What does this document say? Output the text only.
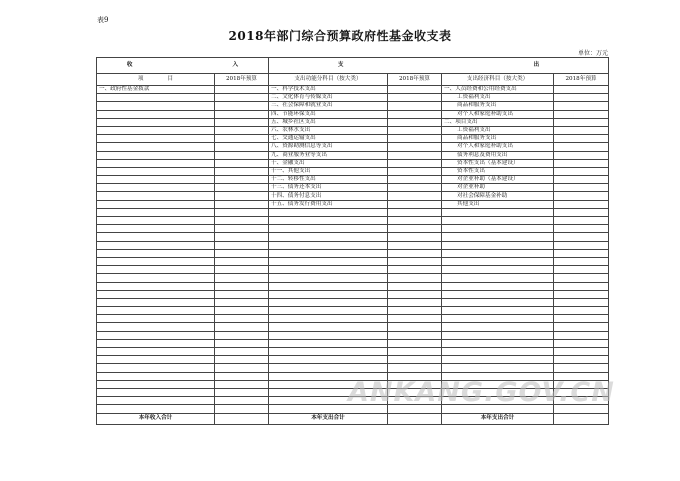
表9
2018年部门综合预算政府性基金收支表
单位：万元
收 入		支 出			
项 目	2018年预算	支出功能分科目（按大类）	2018年预算	支出经济科目（按大类）	2018年预算
一、政府性基金拨款		一、科学技术支出		一、人员经费和公用经费支出	
		二、文化体育与传媒支出		工资福利支出	
		三、社会保障和就业支出		商品和服务支出	
		四、节能环保支出		对个人和家庭补助支出	
		五、城乡社区支出		二、项目支出	
		六、农林水支出		工资福利支出	
		七、交通运输支出		商品和服务支出	
		八、资源勘测信息等支出		对个人和家庭补助支出	
		九、商业服务业等支出		债务利息及费用支出	
		十、金融支出		资本性支出（基本建设）	
		十一、其他支出		资本性支出	
		十二、转移性支出		对企业补助（基本建设）	
		十三、债务还本支出		对企业补助	
		十四、债务付息支出		对社会保障基金补助	
		十五、债务发行费用支出		其他支出	

本年收入合计		本年支出合计		本年支出合计	
ANKANG.GOV.CN
